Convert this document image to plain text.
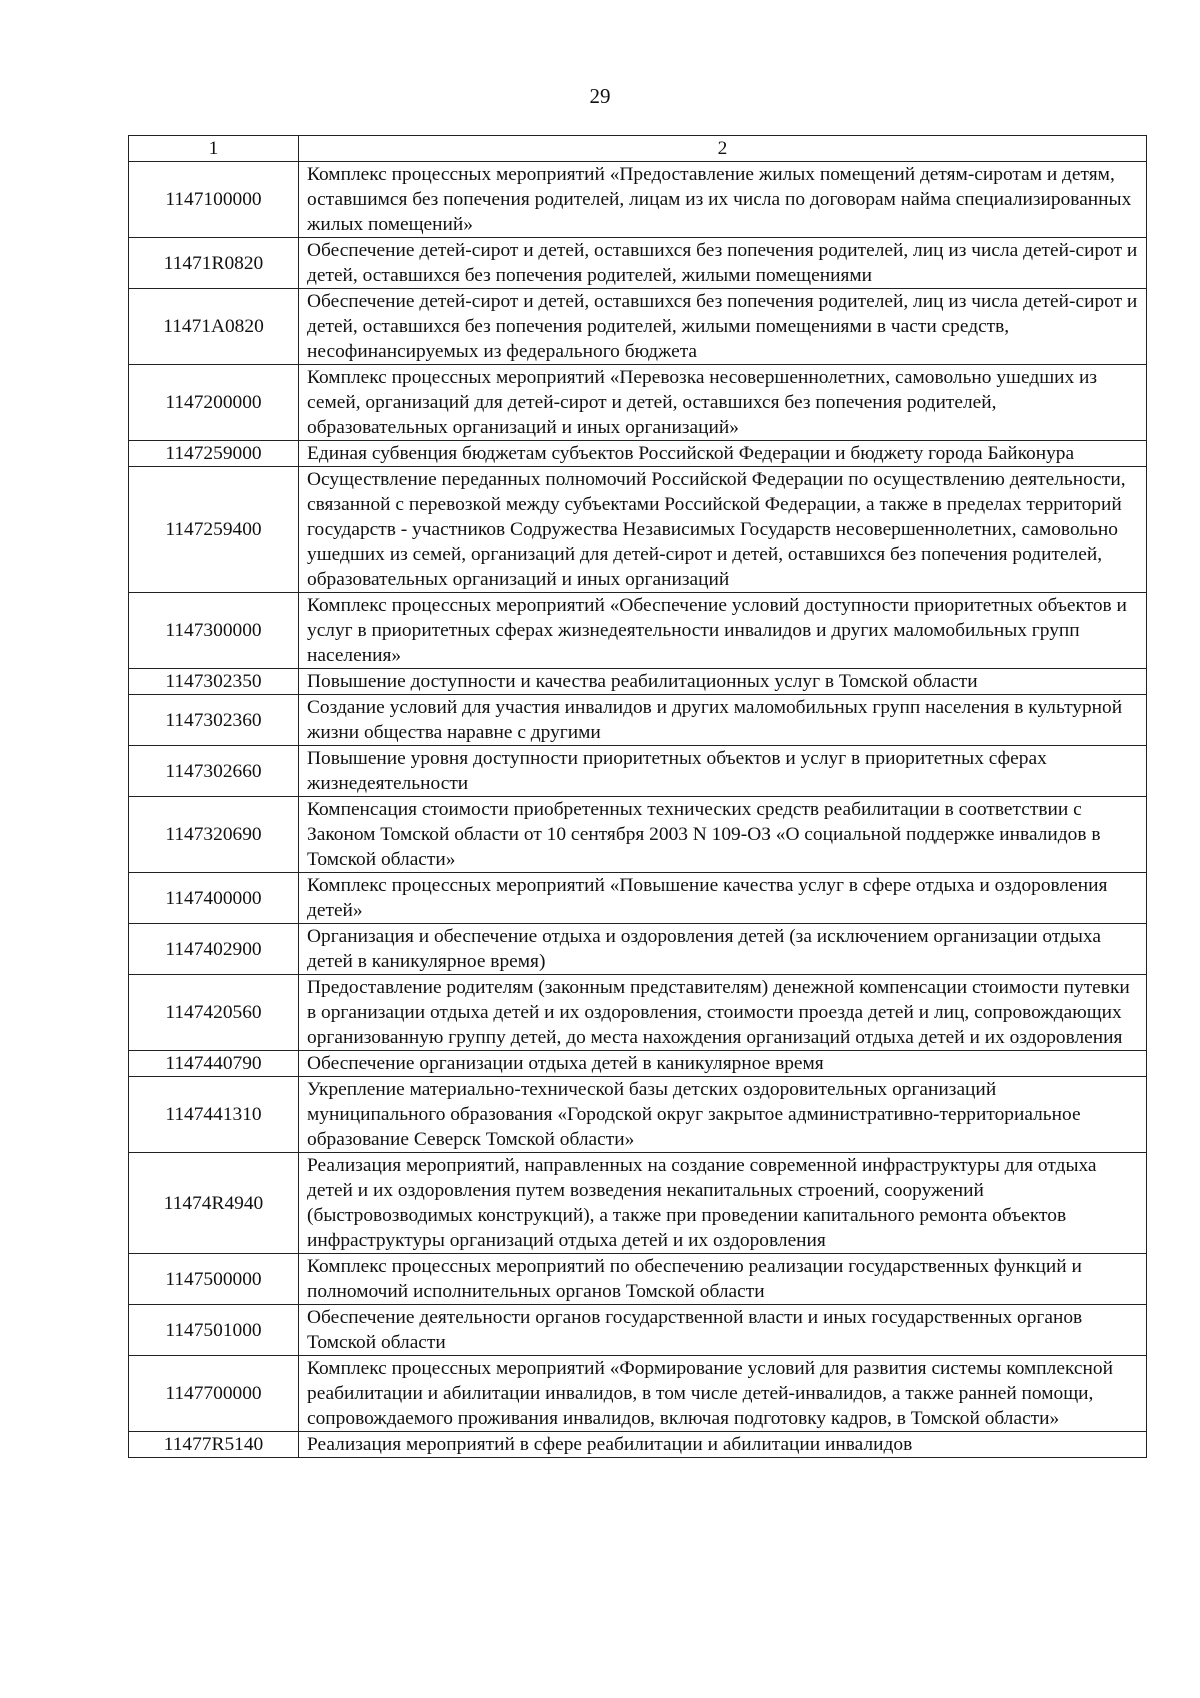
29
1	2
1147100000	Комплекс процессных мероприятий «Предоставление жилых помещений детям-сиротам и детям, оставшимся без попечения родителей, лицам из их числа по договорам найма специализированных жилых помещений»
11471R0820	Обеспечение детей-сирот и детей, оставшихся без попечения родителей, лиц из числа детей-сирот и детей, оставшихся без попечения родителей, жилыми помещениями
11471A0820	Обеспечение детей-сирот и детей, оставшихся без попечения родителей, лиц из числа детей-сирот и детей, оставшихся без попечения родителей, жилыми помещениями в части средств, несофинансируемых из федерального бюджета
1147200000	Комплекс процессных мероприятий «Перевозка несовершеннолетних, самовольно ушедших из семей, организаций для детей-сирот и детей, оставшихся без попечения родителей, образовательных организаций и иных организаций»
1147259000	Единая субвенция бюджетам субъектов Российской Федерации и бюджету города Байконура
1147259400	Осуществление переданных полномочий Российской Федерации по осуществлению деятельности, связанной с перевозкой между субъектами Российской Федерации, а также в пределах территорий государств - участников Содружества Независимых Государств несовершеннолетних, самовольно ушедших из семей, организаций для детей-сирот и детей, оставшихся без попечения родителей, образовательных организаций и иных организаций
1147300000	Комплекс процессных мероприятий «Обеспечение условий доступности приоритетных объектов и услуг в приоритетных сферах жизнедеятельности инвалидов и других маломобильных групп населения»
1147302350	Повышение доступности и качества реабилитационных услуг в Томской области
1147302360	Создание условий для участия инвалидов и других маломобильных групп населения в культурной жизни общества наравне с другими
1147302660	Повышение уровня доступности приоритетных объектов и услуг в приоритетных сферах жизнедеятельности
1147320690	Компенсация стоимости приобретенных технических средств реабилитации в соответствии с Законом Томской области от 10 сентября 2003 N 109-ОЗ «О социальной поддержке инвалидов в Томской области»
1147400000	Комплекс процессных мероприятий «Повышение качества услуг в сфере отдыха и оздоровления детей»
1147402900	Организация и обеспечение отдыха и оздоровления детей (за исключением организации отдыха детей в каникулярное время)
1147420560	Предоставление родителям (законным представителям) денежной компенсации стоимости путевки в организации отдыха детей и их оздоровления, стоимости проезда детей и лиц, сопровождающих организованную группу детей, до места нахождения организаций отдыха детей и их оздоровления
1147440790	Обеспечение организации отдыха детей в каникулярное время
1147441310	Укрепление материально-технической базы детских оздоровительных организаций муниципального образования «Городской округ закрытое административно-территориальное образование Северск Томской области»
11474R4940	Реализация мероприятий, направленных на создание современной инфраструктуры для отдыха детей и их оздоровления путем возведения некапитальных строений, сооружений (быстровозводимых конструкций), а также при проведении капитального ремонта объектов инфраструктуры организаций отдыха детей и их оздоровления
1147500000	Комплекс процессных мероприятий по обеспечению реализации государственных функций и полномочий исполнительных органов Томской области
1147501000	Обеспечение деятельности органов государственной власти и иных государственных органов Томской области
1147700000	Комплекс процессных мероприятий «Формирование условий для развития системы комплексной реабилитации и абилитации инвалидов, в том числе детей-инвалидов, а также ранней помощи, сопровождаемого проживания инвалидов, включая подготовку кадров, в Томской области»
11477R5140	Реализация мероприятий в сфере реабилитации и абилитации инвалидов
